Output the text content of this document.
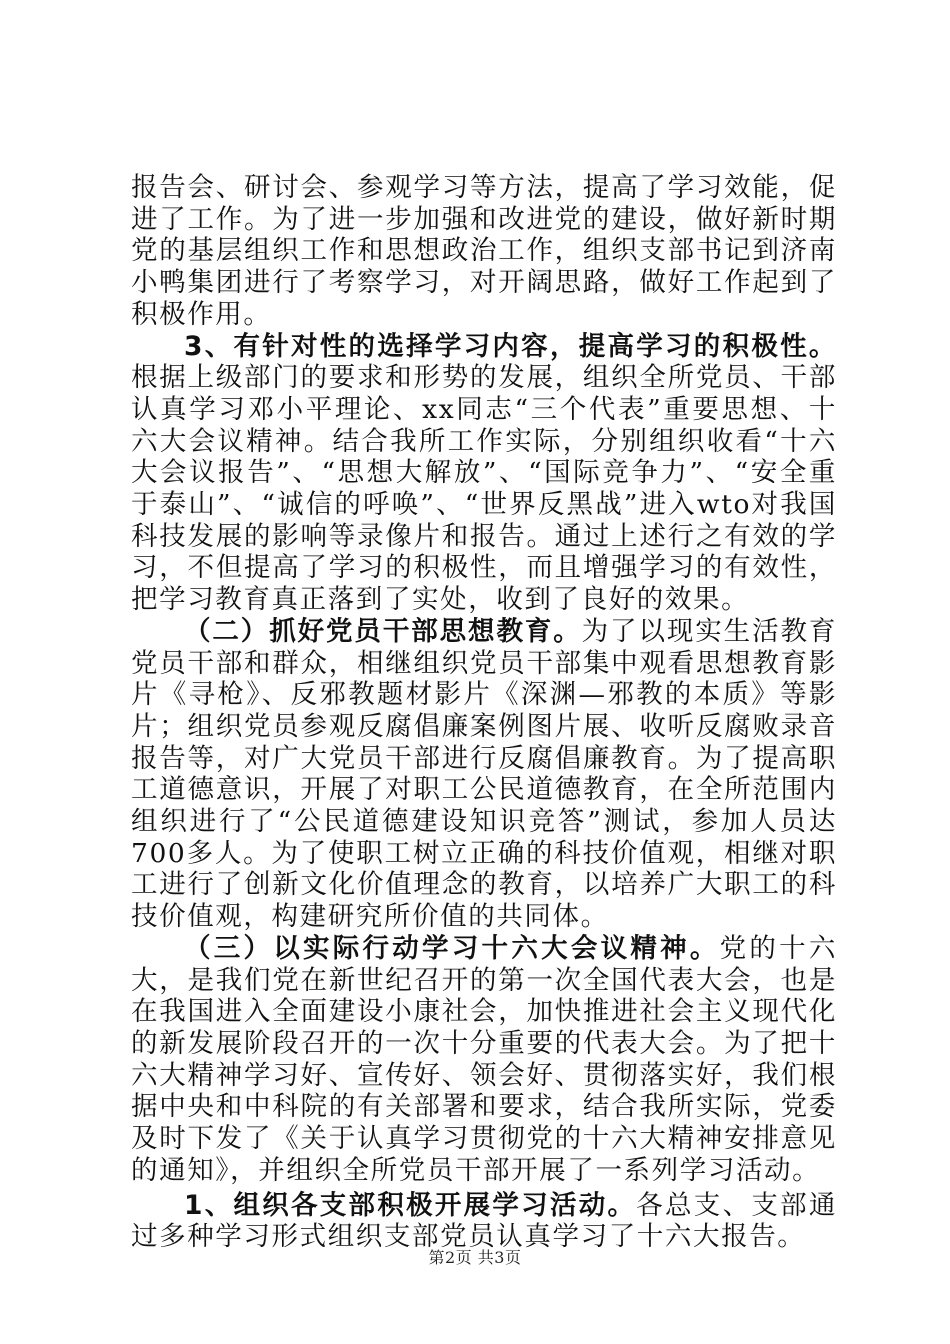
报告会、研讨会、参观学习等方法，提高了学习效能，促进了工作。为了进一步加强和改进党的建设，做好新时期党的基层组织工作和思想政治工作，组织支部书记到济南小鸭集团进行了考察学习，对开阔思路，做好工作起到了积极作用。

3、有针对性的选择学习内容，提高学习的积极性。根据上级部门的要求和形势的发展，组织全所党员、干部认真学习邓小平理论、xx同志“三个代表”重要思想、十六大会议精神。结合我所工作实际，分别组织收看“十六大会议报告”、“思想大解放”、“国际竞争力”、“安全重于泰山”、“诚信的呼唤”、“世界反黑战”进入wto对我国科技发展的影响等录像片和报告。通过上述行之有效的学习，不但提高了学习的积极性，而且增强学习的有效性，把学习教育真正落到了实处，收到了良好的效果。

（二）抓好党员干部思想教育。为了以现实生活教育党员干部和群众，相继组织党员干部集中观看思想教育影片《寻枪》、反邪教题材影片《深渊—邪教的本质》等影片；组织党员参观反腐倡廉案例图片展、收听反腐败录音报告等，对广大党员干部进行反腐倡廉教育。为了提高职工道德意识，开展了对职工公民道德教育，在全所范围内组织进行了“公民道德建设知识竞答”测试，参加人员达700多人。为了使职工树立正确的科技价值观，相继对职工进行了创新文化价值理念的教育，以培养广大职工的科技价值观，构建研究所价值的共同体。

（三）以实际行动学习十六大会议精神。党的十六大，是我们党在新世纪召开的第一次全国代表大会，也是在我国进入全面建设小康社会，加快推进社会主义现代化的新发展阶段召开的一次十分重要的代表大会。为了把十六大精神学习好、宣传好、领会好、贯彻落实好，我们根据中央和中科院的有关部署和要求，结合我所实际，党委及时下发了《关于认真学习贯彻党的十六大精神安排意见的通知》，并组织全所党员干部开展了一系列学习活动。

1、组织各支部积极开展学习活动。各总支、支部通过多种学习形式组织支部党员认真学习了十六大报告。

第2页 共3页
